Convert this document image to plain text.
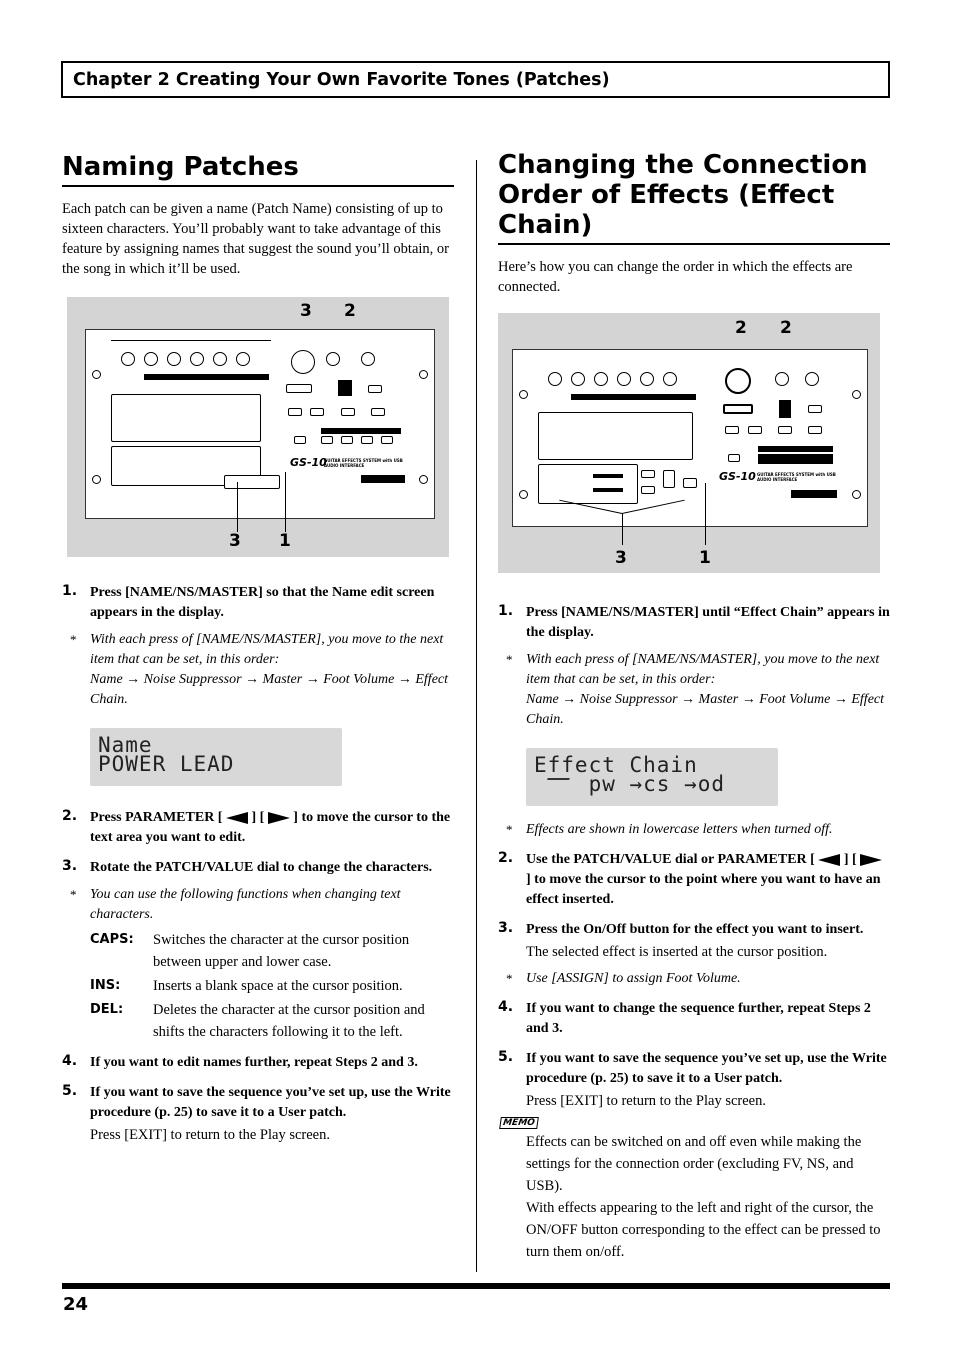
Chapter 2 Creating Your Own Favorite Tones (Patches)
Naming Patches

Each patch can be given a name (Patch Name) consisting of up to sixteen characters. You’ll probably want to take advantage of this feature by assigning names that suggest the sound you’ll obtain, or the song in which it’ll be used.

3 2
GS-10
GUITAR EFFECTS SYSTEM with USB AUDIO INTERFACE
3 1
1. Press [NAME/NS/MASTER] so that the Name edit screen appears in the display.
* With each press of [NAME/NS/MASTER], you move to the next item that can be set, in this order:
Name → Noise Suppressor → Master → Foot Volume → Effect Chain.
Name
POWER LEAD
2. Press PARAMETER [ ] [ ] to move the cursor to the text area you want to edit.
3. Rotate the PATCH/VALUE dial to change the characters.
* You can use the following functions when changing text characters.
CAPS:	Switches the character at the cursor position between upper and lower case.
INS:	Inserts a blank space at the cursor position.
DEL:	Deletes the character at the cursor position and shifts the characters following it to the left.
4. If you want to edit names further, repeat Steps 2 and 3.
5. If you want to save the sequence you’ve set up, use the Write procedure (p. 25) to save it to a User patch.
Press [EXIT] to return to the Play screen.
Changing the Connection Order of Effects (Effect Chain)

Here’s how you can change the order in which the effects are connected.

2 2
GS-10 GUITAR EFFECTS SYSTEM with USB AUDIO INTERFACE
3	1
1. Press [NAME/NS/MASTER] until “Effect Chain” appears in the display.
* With each press of [NAME/NS/MASTER], you move to the next item that can be set, in this order:
Name → Noise Suppressor → Master → Foot Volume → Effect Chain.
Effect Chain
pw →cs →od
* Effects are shown in lowercase letters when turned off.
2. Use the PATCH/VALUE dial or PARAMETER [ ] [  ] to move the cursor to the point where you want to have an effect inserted.
3. Press the On/Off button for the effect you want to insert.
The selected effect is inserted at the cursor position.
* Use [ASSIGN] to assign Foot Volume.
4. If you want to change the sequence further, repeat Steps 2 and 3.
5. If you want to save the sequence you’ve set up, use the Write procedure (p. 25) to save it to a User patch.
Press [EXIT] to return to the Play screen.
MEMO

Effects can be switched on and off even while making the settings for the connection order (excluding FV, NS, and USB).

With effects appearing to the left and right of the cursor, the ON/OFF button corresponding to the effect can be pressed to turn them on/off.

24
